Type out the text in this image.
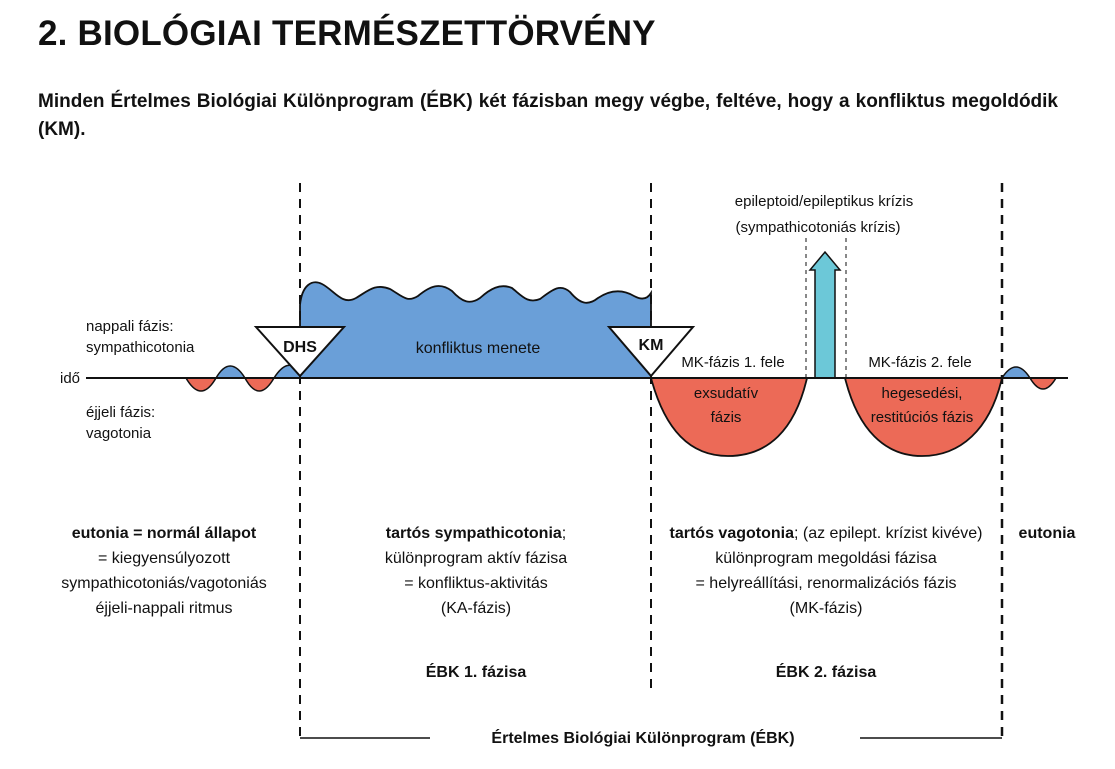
2. BIOLÓGIAI TERMÉSZETTÖRVÉNY
Minden Értelmes Biológiai Különprogram (ÉBK) két fázisban megy végbe, feltéve, hogy a konfliktus megoldódik (KM).
DHS	KM
idő
nappali fázis:
sympathicotonia
éjjeli fázis:
vagotonia
konfliktus menete
epileptoid/epileptikus krízis
(sympathicotoniás krízis)
MK-fázis 1. fele	MK-fázis 2. fele
exsudatív
fázis
hegesedési,
restitúciós fázis
eutonia = normál állapot
= kiegyensúlyozott
sympathicotoniás/vagotoniás
éjjeli-nappali ritmus
tartós sympathicotonia;
különprogram aktív fázisa
= konfliktus-aktivitás
(KA-fázis)
ÉBK 1. fázisa
tartós vagotonia; (az epilept. krízist kivéve)
különprogram megoldási fázisa
= helyreállítási, renormalizációs fázis
(MK-fázis)
ÉBK 2. fázisa
eutonia
Értelmes Biológiai Különprogram (ÉBK)
